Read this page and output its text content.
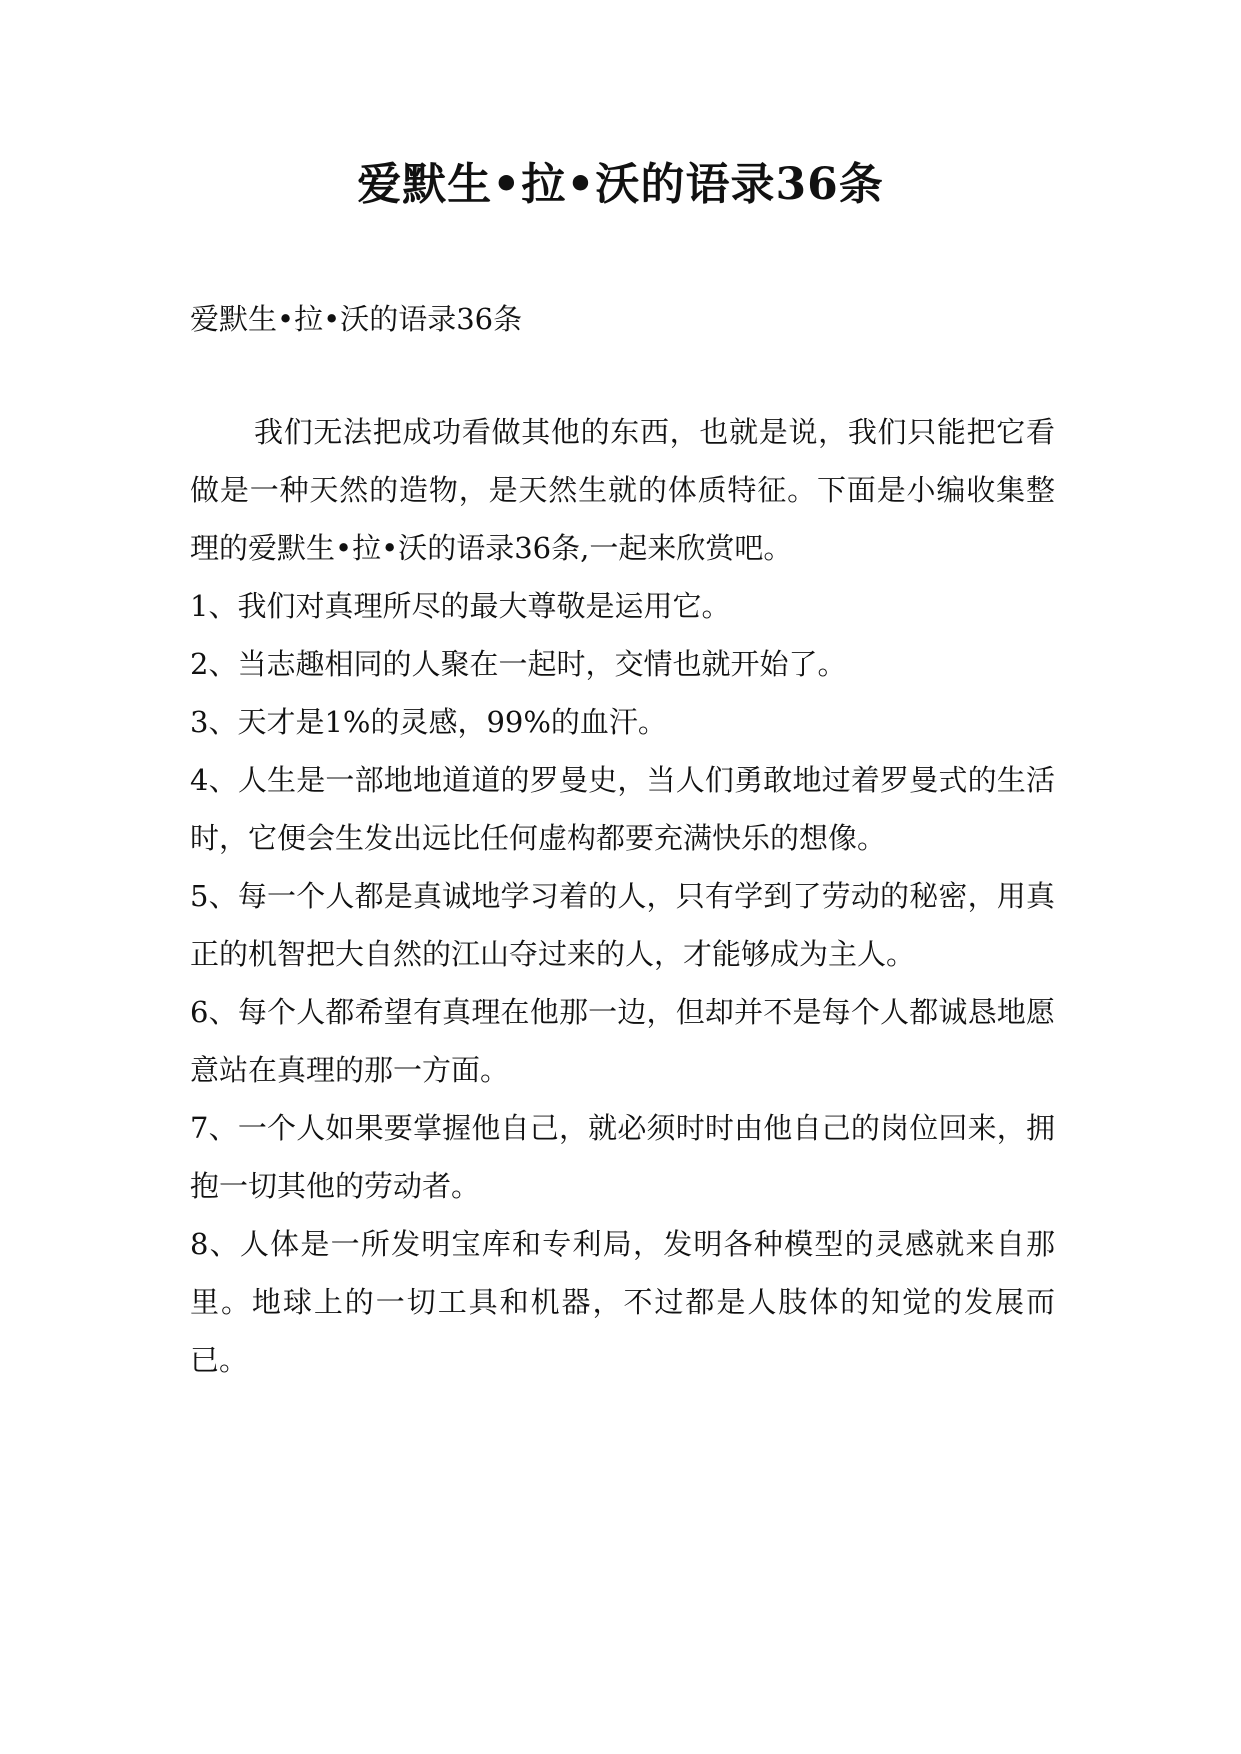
爱默生•拉•沃的语录36条

爱默生•拉•沃的语录36条

我们无法把成功看做其他的东西，也就是说，我们只能把它看做是一种天然的造物，是天然生就的体质特征。下面是小编收集整理的爱默生•拉•沃的语录36条,一起来欣赏吧。

1、我们对真理所尽的最大尊敬是运用它。

2、当志趣相同的人聚在一起时，交情也就开始了。

3、天才是1%的灵感，99%的血汗。

4、人生是一部地地道道的罗曼史，当人们勇敢地过着罗曼式的生活时，它便会生发出远比任何虚构都要充满快乐的想像。

5、每一个人都是真诚地学习着的人，只有学到了劳动的秘密，用真正的机智把大自然的江山夺过来的人，才能够成为主人。

6、每个人都希望有真理在他那一边，但却并不是每个人都诚恳地愿意站在真理的那一方面。

7、一个人如果要掌握他自己，就必须时时由他自己的岗位回来，拥抱一切其他的劳动者。

8、人体是一所发明宝库和专利局，发明各种模型的灵感就来自那里。地球上的一切工具和机器，不过都是人肢体的知觉的发展而已。
